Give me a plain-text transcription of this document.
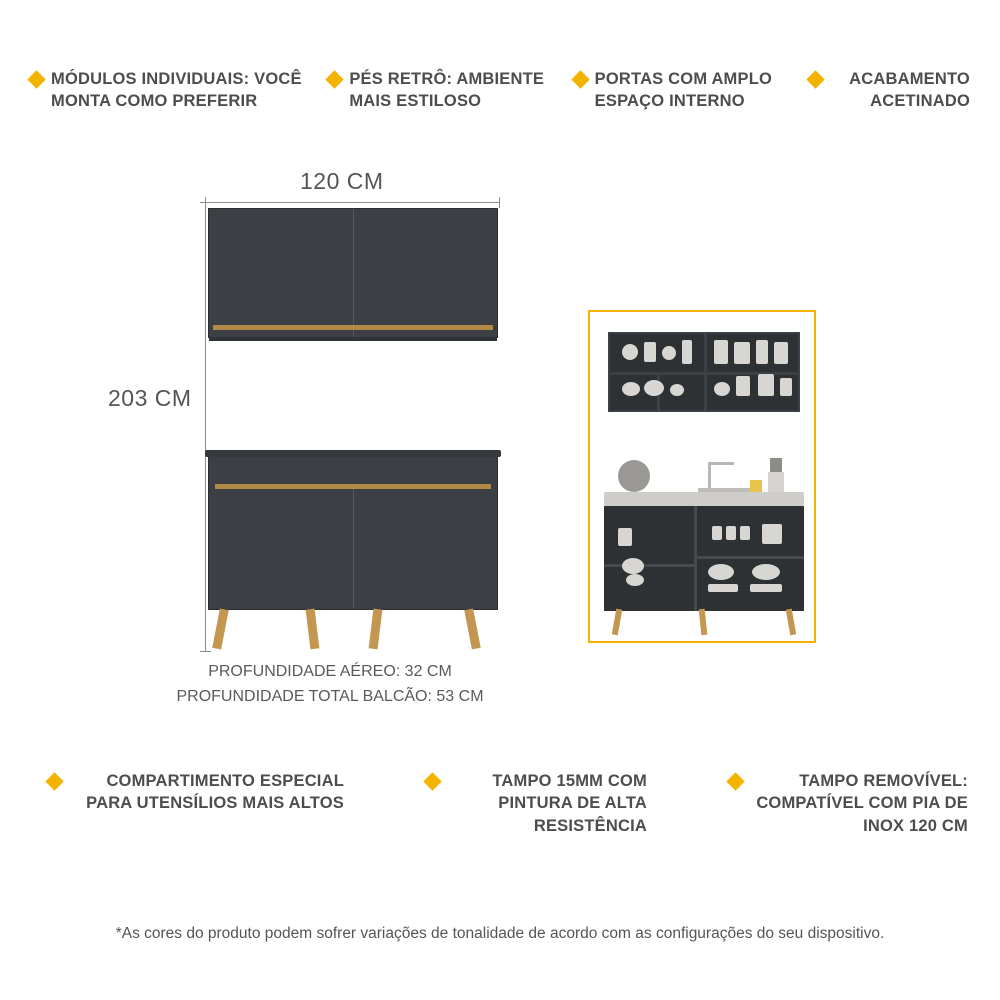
MÓDULOS INDIVIDUAIS: VOCÊ MONTA COMO PREFERIR
PÉS RETRÔ: AMBIENTE MAIS ESTILOSO
PORTAS COM AMPLO ESPAÇO INTERNO
ACABAMENTO ACETINADO
120 CM
203 CM
PROFUNDIDADE AÉREO: 32 CM
PROFUNDIDADE TOTAL BALCÃO: 53 CM
COMPARTIMENTO ESPECIAL PARA UTENSÍLIOS MAIS ALTOS
TAMPO 15MM COM PINTURA DE ALTA RESISTÊNCIA
TAMPO REMOVÍVEL: COMPATÍVEL COM PIA DE INOX 120 CM
*As cores do produto podem sofrer variações de tonalidade de acordo com as configurações do seu dispositivo.
